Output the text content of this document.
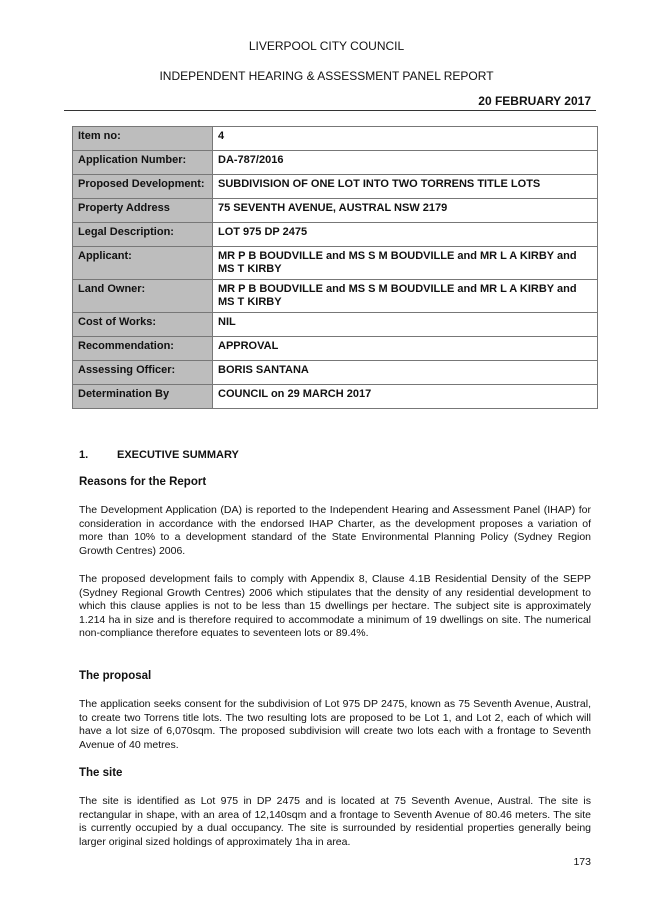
LIVERPOOL CITY COUNCIL
INDEPENDENT HEARING & ASSESSMENT PANEL REPORT
20 FEBRUARY 2017
Item no:	4
Application Number:	DA-787/2016
Proposed Development:	SUBDIVISION OF ONE LOT INTO TWO TORRENS TITLE LOTS
Property Address	75 SEVENTH AVENUE, AUSTRAL NSW 2179
Legal Description:	LOT 975 DP 2475
Applicant:	MR P B BOUDVILLE and MS S M BOUDVILLE and MR L A KIRBY and MS T KIRBY
Land Owner:	MR P B BOUDVILLE and MS S M BOUDVILLE and MR L A KIRBY and MS T KIRBY
Cost of Works:	NIL
Recommendation:	APPROVAL
Assessing Officer:	BORIS SANTANA
Determination By	COUNCIL on 29 MARCH 2017
1.	EXECUTIVE SUMMARY
Reasons for the Report
The Development Application (DA) is reported to the Independent Hearing and Assessment Panel (IHAP) for consideration in accordance with the endorsed IHAP Charter, as the development proposes a variation of more than 10% to a development standard of the State Environmental Planning Policy (Sydney Region Growth Centres) 2006.
The proposed development fails to comply with Appendix 8, Clause 4.1B Residential Density of the SEPP (Sydney Regional Growth Centres) 2006 which stipulates that the density of any residential development to which this clause applies is not to be less than 15 dwellings per hectare. The subject site is approximately 1.214 ha in size and is therefore required to accommodate a minimum of 19 dwellings on site. The numerical non-compliance therefore equates to seventeen lots or 89.4%.
The proposal
The application seeks consent for the subdivision of Lot 975 DP 2475, known as 75 Seventh Avenue, Austral, to create two Torrens title lots. The two resulting lots are proposed to be Lot 1, and Lot 2, each of which will have a lot size of 6,070sqm. The proposed subdivision will create two lots each with a frontage to Seventh Avenue of 40 metres.
The site
The site is identified as Lot 975 in DP 2475 and is located at 75 Seventh Avenue, Austral. The site is rectangular in shape, with an area of 12,140sqm and a frontage to Seventh Avenue of 80.46 meters. The site is currently occupied by a dual occupancy. The site is surrounded by residential properties generally being larger original sized holdings of approximately 1ha in area.
173
